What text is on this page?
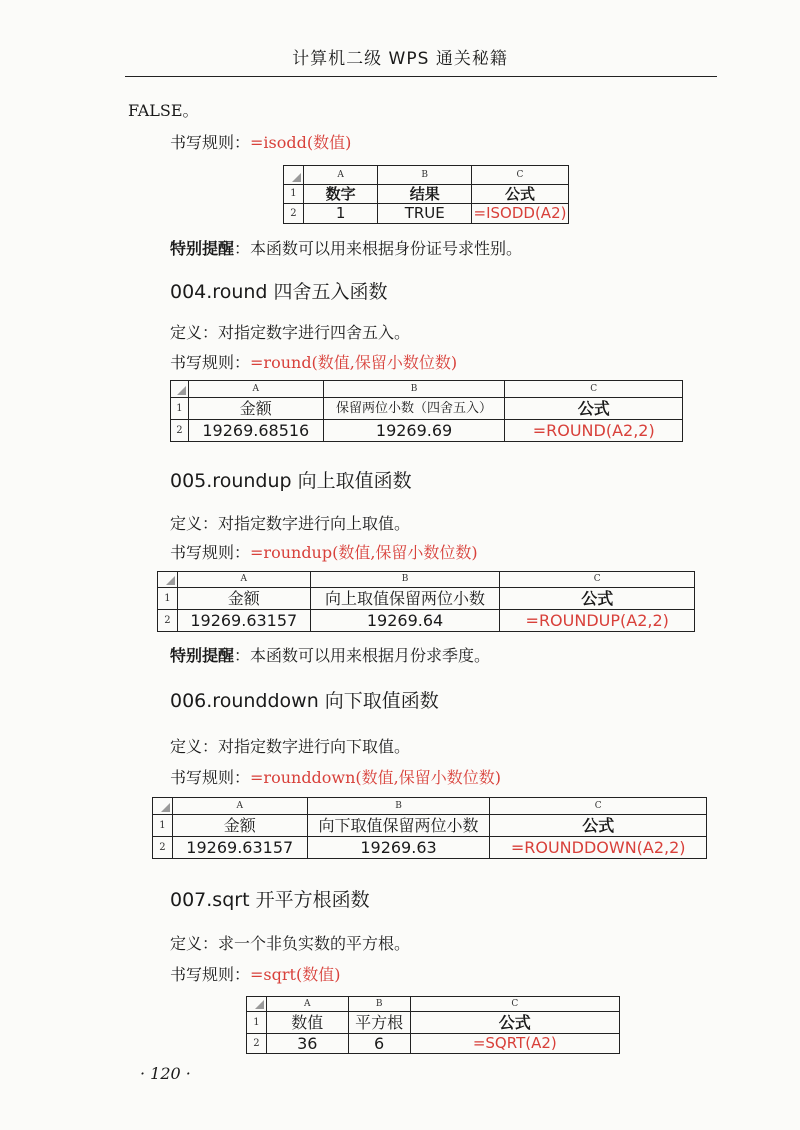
计算机二级 WPS 通关秘籍
FALSE。
书写规则：=isodd(数值)
	A	B	C
1	数字	结果	公式
2	1	TRUE	=ISODD(A2)
特别提醒：本函数可以用来根据身份证号求性别。
004.round 四舍五入函数
定义：对指定数字进行四舍五入。
书写规则：=round(数值,保留小数位数)
	A	B	C
1	金额	保留两位小数（四舍五入）	公式
2	19269.68516	19269.69	=ROUND(A2,2)
005.roundup 向上取值函数
定义：对指定数字进行向上取值。
书写规则：=roundup(数值,保留小数位数)
	A	B	C
1	金额	向上取值保留两位小数	公式
2	19269.63157	19269.64	=ROUNDUP(A2,2)
特别提醒：本函数可以用来根据月份求季度。
006.rounddown 向下取值函数
定义：对指定数字进行向下取值。
书写规则：=rounddown(数值,保留小数位数)
	A	B	C
1	金额	向下取值保留两位小数	公式
2	19269.63157	19269.63	=ROUNDDOWN(A2,2)
007.sqrt 开平方根函数
定义：求一个非负实数的平方根。
书写规则：=sqrt(数值)
	A	B	C
1	数值	平方根	公式
2	36	6	=SQRT(A2)
· 120 ·
